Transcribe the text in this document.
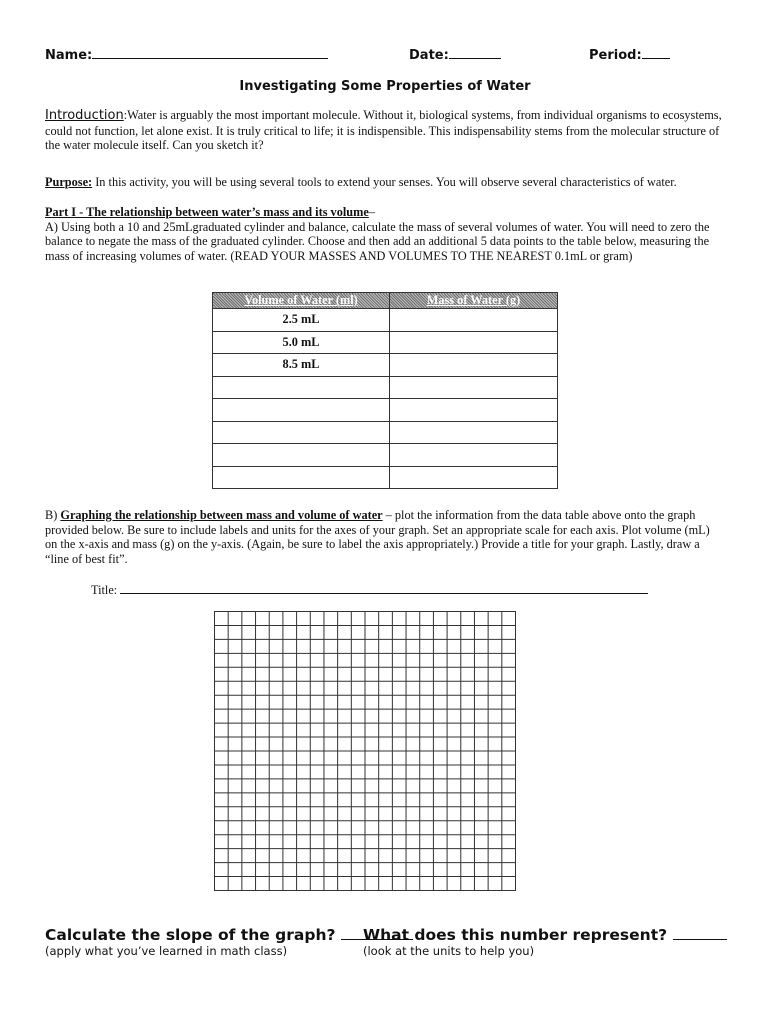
Name:	Date:	Period:
Investigating Some Properties of Water
Introduction:Water is arguably the most important molecule. Without it, biological systems, from individual organisms to ecosystems, could not function, let alone exist. It is truly critical to life; it is indispensible. This indispensability stems from the molecular structure of the water molecule itself. Can you sketch it?
Purpose: In this activity, you will be using several tools to extend your senses. You will observe several characteristics of water.
Part I - The relationship between water’s mass and its volume–
A) Using both a 10 and 25mLgraduated cylinder and balance, calculate the mass of several volumes of water. You will need to zero the balance to negate the mass of the graduated cylinder. Choose and then add an additional 5 data points to the table below, measuring the mass of increasing volumes of water. (READ YOUR MASSES AND VOLUMES TO THE NEAREST 0.1mL or gram)
Volume of Water (ml)	Mass of Water (g)
2.5 mL	
5.0 mL	
8.5 mL	

B) Graphing the relationship between mass and volume of water – plot the information from the data table above onto the graph provided below. Be sure to include labels and units for the axes of your graph. Set an appropriate scale for each axis. Plot volume (mL) on the x-axis and mass (g) on the y-axis. (Again, be sure to label the axis appropriately.) Provide a title for your graph. Lastly, draw a “line of best fit”.
Title:
Calculate the slope of the graph?
(apply what you’ve learned in math class)
What does this number represent?
(look at the units to help you)
